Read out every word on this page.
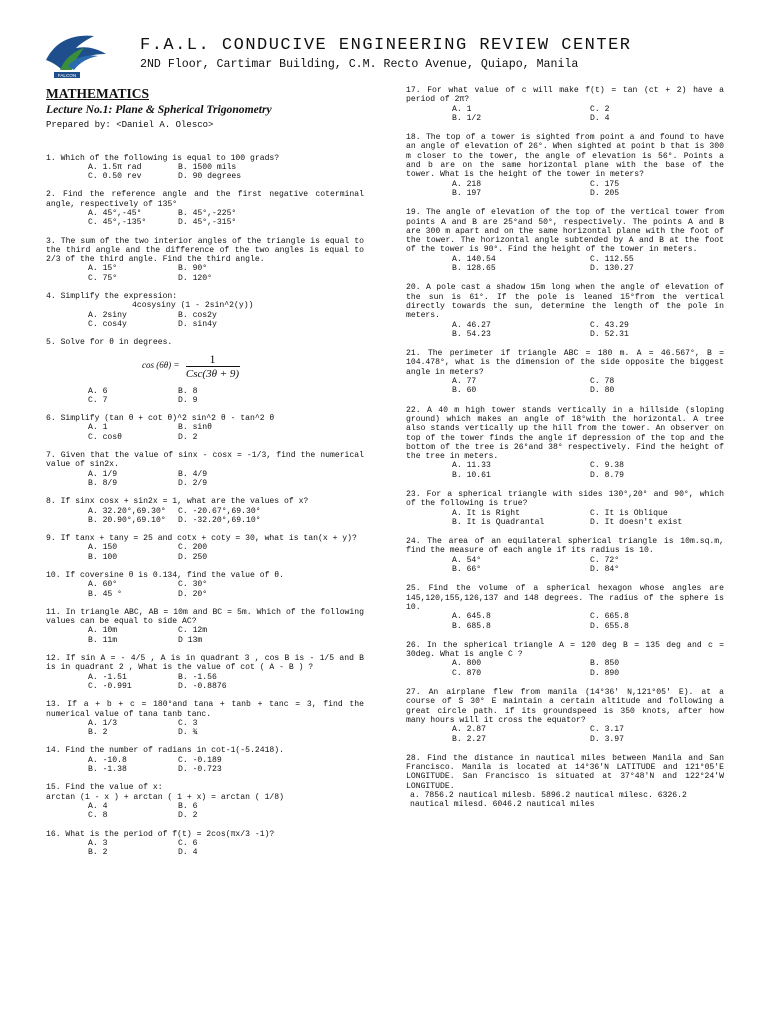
FALCON
F.A.L. CONDUCIVE ENGINEERING REVIEW CENTER
2ND Floor, Cartimar Building, C.M. Recto Avenue, Quiapo, Manila
MATHEMATICS
Lecture No.1: Plane & Spherical Trigonometry
Prepared by: <Daniel A. Olesco>
1. Which of the following is equal to 100 grads?
A. 1.5π rad	B. 1500 mils
C. 0.50 rev	D. 90 degrees
2. Find the reference angle and the first negative coterminal angle, respectively of 135°
A. 45°,-45°	B. 45°,-225°
C. 45°,-135°	D. 45°,-315°
3. The sum of the two interior angles of the triangle is equal to the third angle and the difference of the two angles is equal to 2/3 of the third angle. Find the third angle.
A. 15°	B. 90°
C. 75°	D. 120°
4. Simplify the expression:
4cosysiny (1 - 2sin^2(y))
A. 2siny	B. cos2y
C. cos4y	D. sin4y
5. Solve for θ in degrees.
$\cos (6\theta) = \frac{1}{\text{Csc(3θ + 9)}}$
A. 6	B. 8
C. 7	D. 9
6. Simplify (tan θ + cot θ)^2 sin^2 θ - tan^2 θ
A. 1	B. sinθ
C. cosθ	D. 2
7. Given that the value of sinx - cosx = -1/3, find the numerical value of sin2x.
A. 1/9	B. 4/9
B. 8/9	D. 2/9
8. If sinx cosx + sin2x = 1, what are the values of x?
A. 32.20°,69.30°	C. -20.67°,69.30°
B. 20.90°,69.10°	D. -32.20°,69.10°
9. If tanx + tany = 25 and cotx + coty = 30, what is tan(x + y)?
A. 150	C. 200
B. 100	D. 250
10. If coversine θ is 0.134, find the value of θ.
A. 60°	C. 30°
B. 45 °	D. 20°
11. In triangle ABC, AB = 10m and BC = 5m. Which of the following values can be equal to side AC?
A. 10m	C. 12m
B. 11m	D 13m
12. If sin A = - 4/5 , A is in quadrant 3 , cos B is - 1/5 and B is in quadrant 2 , What is the value of cot ( A - B ) ?
A. -1.51	B. -1.56
C. -0.991	D. -0.8876
13. If a + b + c = 180°and tana + tanb + tanc = 3, find the numerical value of tana tanb tanc.
A. 1/3	C. 3
B. 2	D. ¾
14. Find the number of radians in cot-1(-5.2418).
A. -10.8	C. -0.189
B. -1.38	D. -0.723
15. Find the value of x:
arctan (1 - x ) + arctan ( 1 + x) = arctan ( 1/8)
A. 4	B. 6
C. 8	D. 2
16. What is the period of f(t) = 2cos(πx/3 -1)?
A. 3	C. 6
B. 2	D. 4
17. For what value of c will make f(t) = tan (ct + 2) have a period of 2π?
A. 1	C. 2
B. 1/2	D. 4
18. The top of a tower is sighted from point a and found to have an angle of elevation of 26°. When sighted at point b that is 300 m closer to the tower, the angle of elevation is 56°. Points a and b are on the same horizontal plane with the base of the tower. What is the height of the tower in meters?
A. 218	C. 175
B. 197	D. 205
19. The angle of elevation of the top of the vertical tower from points A and B are 25°and 50°, respectively. The points A and B are 300 m apart and on the same horizontal plane with the foot of the tower. The horizontal angle subtended by A and B at the foot of the tower is 90°. Find the height of the tower in meters.
A. 140.54	C. 112.55
B. 128.65	D. 130.27
20. A pole cast a shadow 15m long when the angle of elevation of the sun is 61°. If the pole is leaned 15°from the vertical directly towards the sun, determine the length of the pole in meters.
A. 46.27	C. 43.29
B. 54.23	D. 52.31
21. The perimeter if triangle ABC = 180 m. A = 46.567°, B = 104.478°, what is the dimension of the side opposite the biggest angle in meters?
A. 77	C. 78
B. 60	D. 80
22. A 40 m high tower stands vertically in a hillside (sloping ground) which makes an angle of 18°with the horizontal. A tree also stands vertically up the hill from the tower. An observer on top of the tower finds the angle if depression of the top and the bottom of the tree is 26°and 38° respectively. Find the height of the tree in meters.
A. 11.33	C. 9.38
B. 10.61	D. 8.79
23. For a spherical triangle with sides 130°,20° and 90°, which of the following is true?
A. It is Right	C. It is Oblique
B. It is Quadrantal	D. It doesn't exist
24. The area of an equilateral spherical triangle is 10m.sq.m, find the measure of each angle if its radius is 10.
A. 54°	C. 72°
B. 66°	D. 84°
25. Find the volume of a spherical hexagon whose angles are 145,120,155,126,137 and 148 degrees. The radius of the sphere is 10.
A. 645.8	C. 665.8
B. 685.8	D. 655.8
26. In the spherical triangle A = 120 deg B = 135 deg and c = 30deg. What is angle C ?
A. 800	B. 850
C. 870	D. 890
27. An airplane flew from manila (14°36' N,121°05' E). at a course of S 30° E maintain a certain altitude and following a great circle path. if its groundspeed is 350 knots, after how many hours will it cross the equator?
A. 2.87	C. 3.17
B. 2.27	D. 3.97
28. Find the distance in nautical miles between Manila and San Francisco. Manila is located at 14°36'N LATITUDE and 121°05'E LONGITUDE. San Francisco is situated at 37°48'N and 122°24'W LONGITUDE.
a. 7856.2 nautical milesb. 5896.2 nautical milesc. 6326.2 nautical milesd. 6046.2 nautical miles
